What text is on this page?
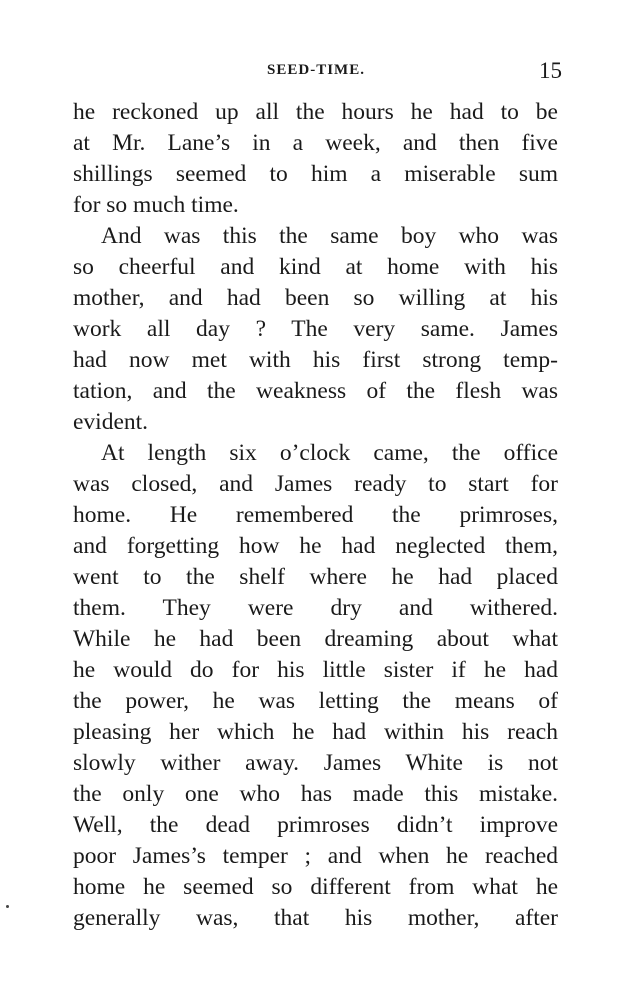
SEED-TIME.	15
he reckoned up all the hours he had to be
at Mr. Lane’s in a week, and then five
shillings seemed to him a miserable sum
for so much time.
And was this the same boy who was
so cheerful and kind at home with his
mother, and had been so willing at his
work all day ? The very same. James
had now met with his first strong temp-
tation, and the weakness of the flesh was
evident.
At length six o’clock came, the office
was closed, and James ready to start for
home. He remembered the primroses,
and forgetting how he had neglected them,
went to the shelf where he had placed
them. They were dry and withered.
While he had been dreaming about what
he would do for his little sister if he had
the power, he was letting the means of
pleasing her which he had within his reach
slowly wither away. James White is not
the only one who has made this mistake.
Well, the dead primroses didn’t improve
poor James’s temper ; and when he reached
home he seemed so different from what he
generally was, that his mother, after
